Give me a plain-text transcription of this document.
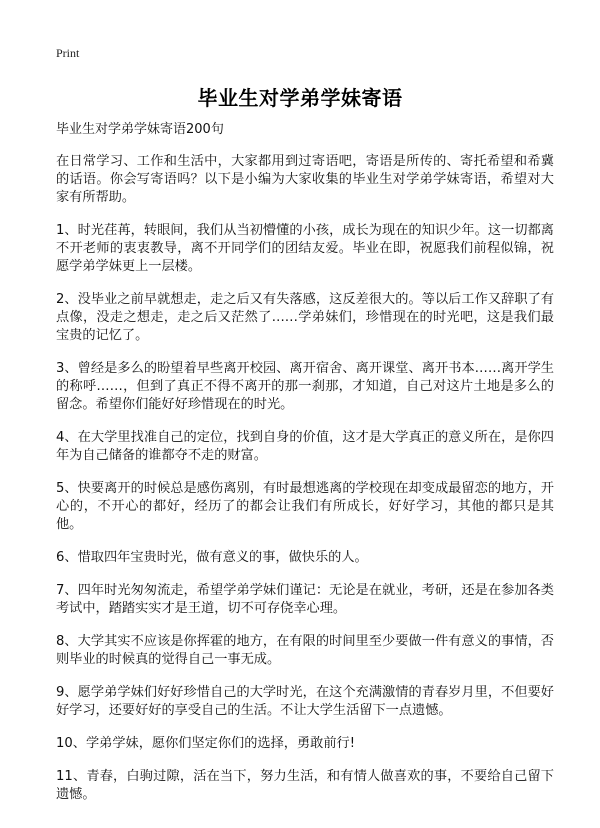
Print
毕业生对学弟学妹寄语

毕业生对学弟学妹寄语200句

在日常学习、工作和生活中，大家都用到过寄语吧，寄语是所传的、寄托希望和希冀的话语。你会写寄语吗？以下是小编为大家收集的毕业生对学弟学妹寄语，希望对大家有所帮助。

1、时光荏苒，转眼间，我们从当初懵懂的小孩，成长为现在的知识少年。这一切都离不开老师的衷衷教导，离不开同学们的团结友爱。毕业在即，祝愿我们前程似锦，祝愿学弟学妹更上一层楼。

2、没毕业之前早就想走，走之后又有失落感，这反差很大的。等以后工作又辞职了有点像，没走之想走，走之后又茫然了……学弟妹们，珍惜现在的时光吧，这是我们最宝贵的记忆了。

3、曾经是多么的盼望着早些离开校园、离开宿舍、离开课堂、离开书本……离开学生的称呼……，但到了真正不得不离开的那一刹那，才知道，自己对这片土地是多么的留念。希望你们能好好珍惜现在的时光。

4、在大学里找准自己的定位，找到自身的价值，这才是大学真正的意义所在，是你四年为自己储备的谁都夺不走的财富。

5、快要离开的时候总是感伤离别，有时最想逃离的学校现在却变成最留恋的地方，开心的，不开心的都好，经历了的都会让我们有所成长，好好学习，其他的都只是其他。

6、惜取四年宝贵时光，做有意义的事，做快乐的人。

7、四年时光匆匆流走，希望学弟学妹们谨记：无论是在就业，考研，还是在参加各类考试中，踏踏实实才是王道，切不可存侥幸心理。

8、大学其实不应该是你挥霍的地方，在有限的时间里至少要做一件有意义的事情，否则毕业的时候真的觉得自己一事无成。

9、愿学弟学妹们好好珍惜自己的大学时光，在这个充满激情的青春岁月里，不但要好好学习，还要好好的享受自己的生活。不让大学生活留下一点遗憾。

10、学弟学妹，愿你们坚定你们的选择，勇敢前行!

11、青春，白驹过隙，活在当下，努力生活，和有情人做喜欢的事，不要给自己留下遗憾。
